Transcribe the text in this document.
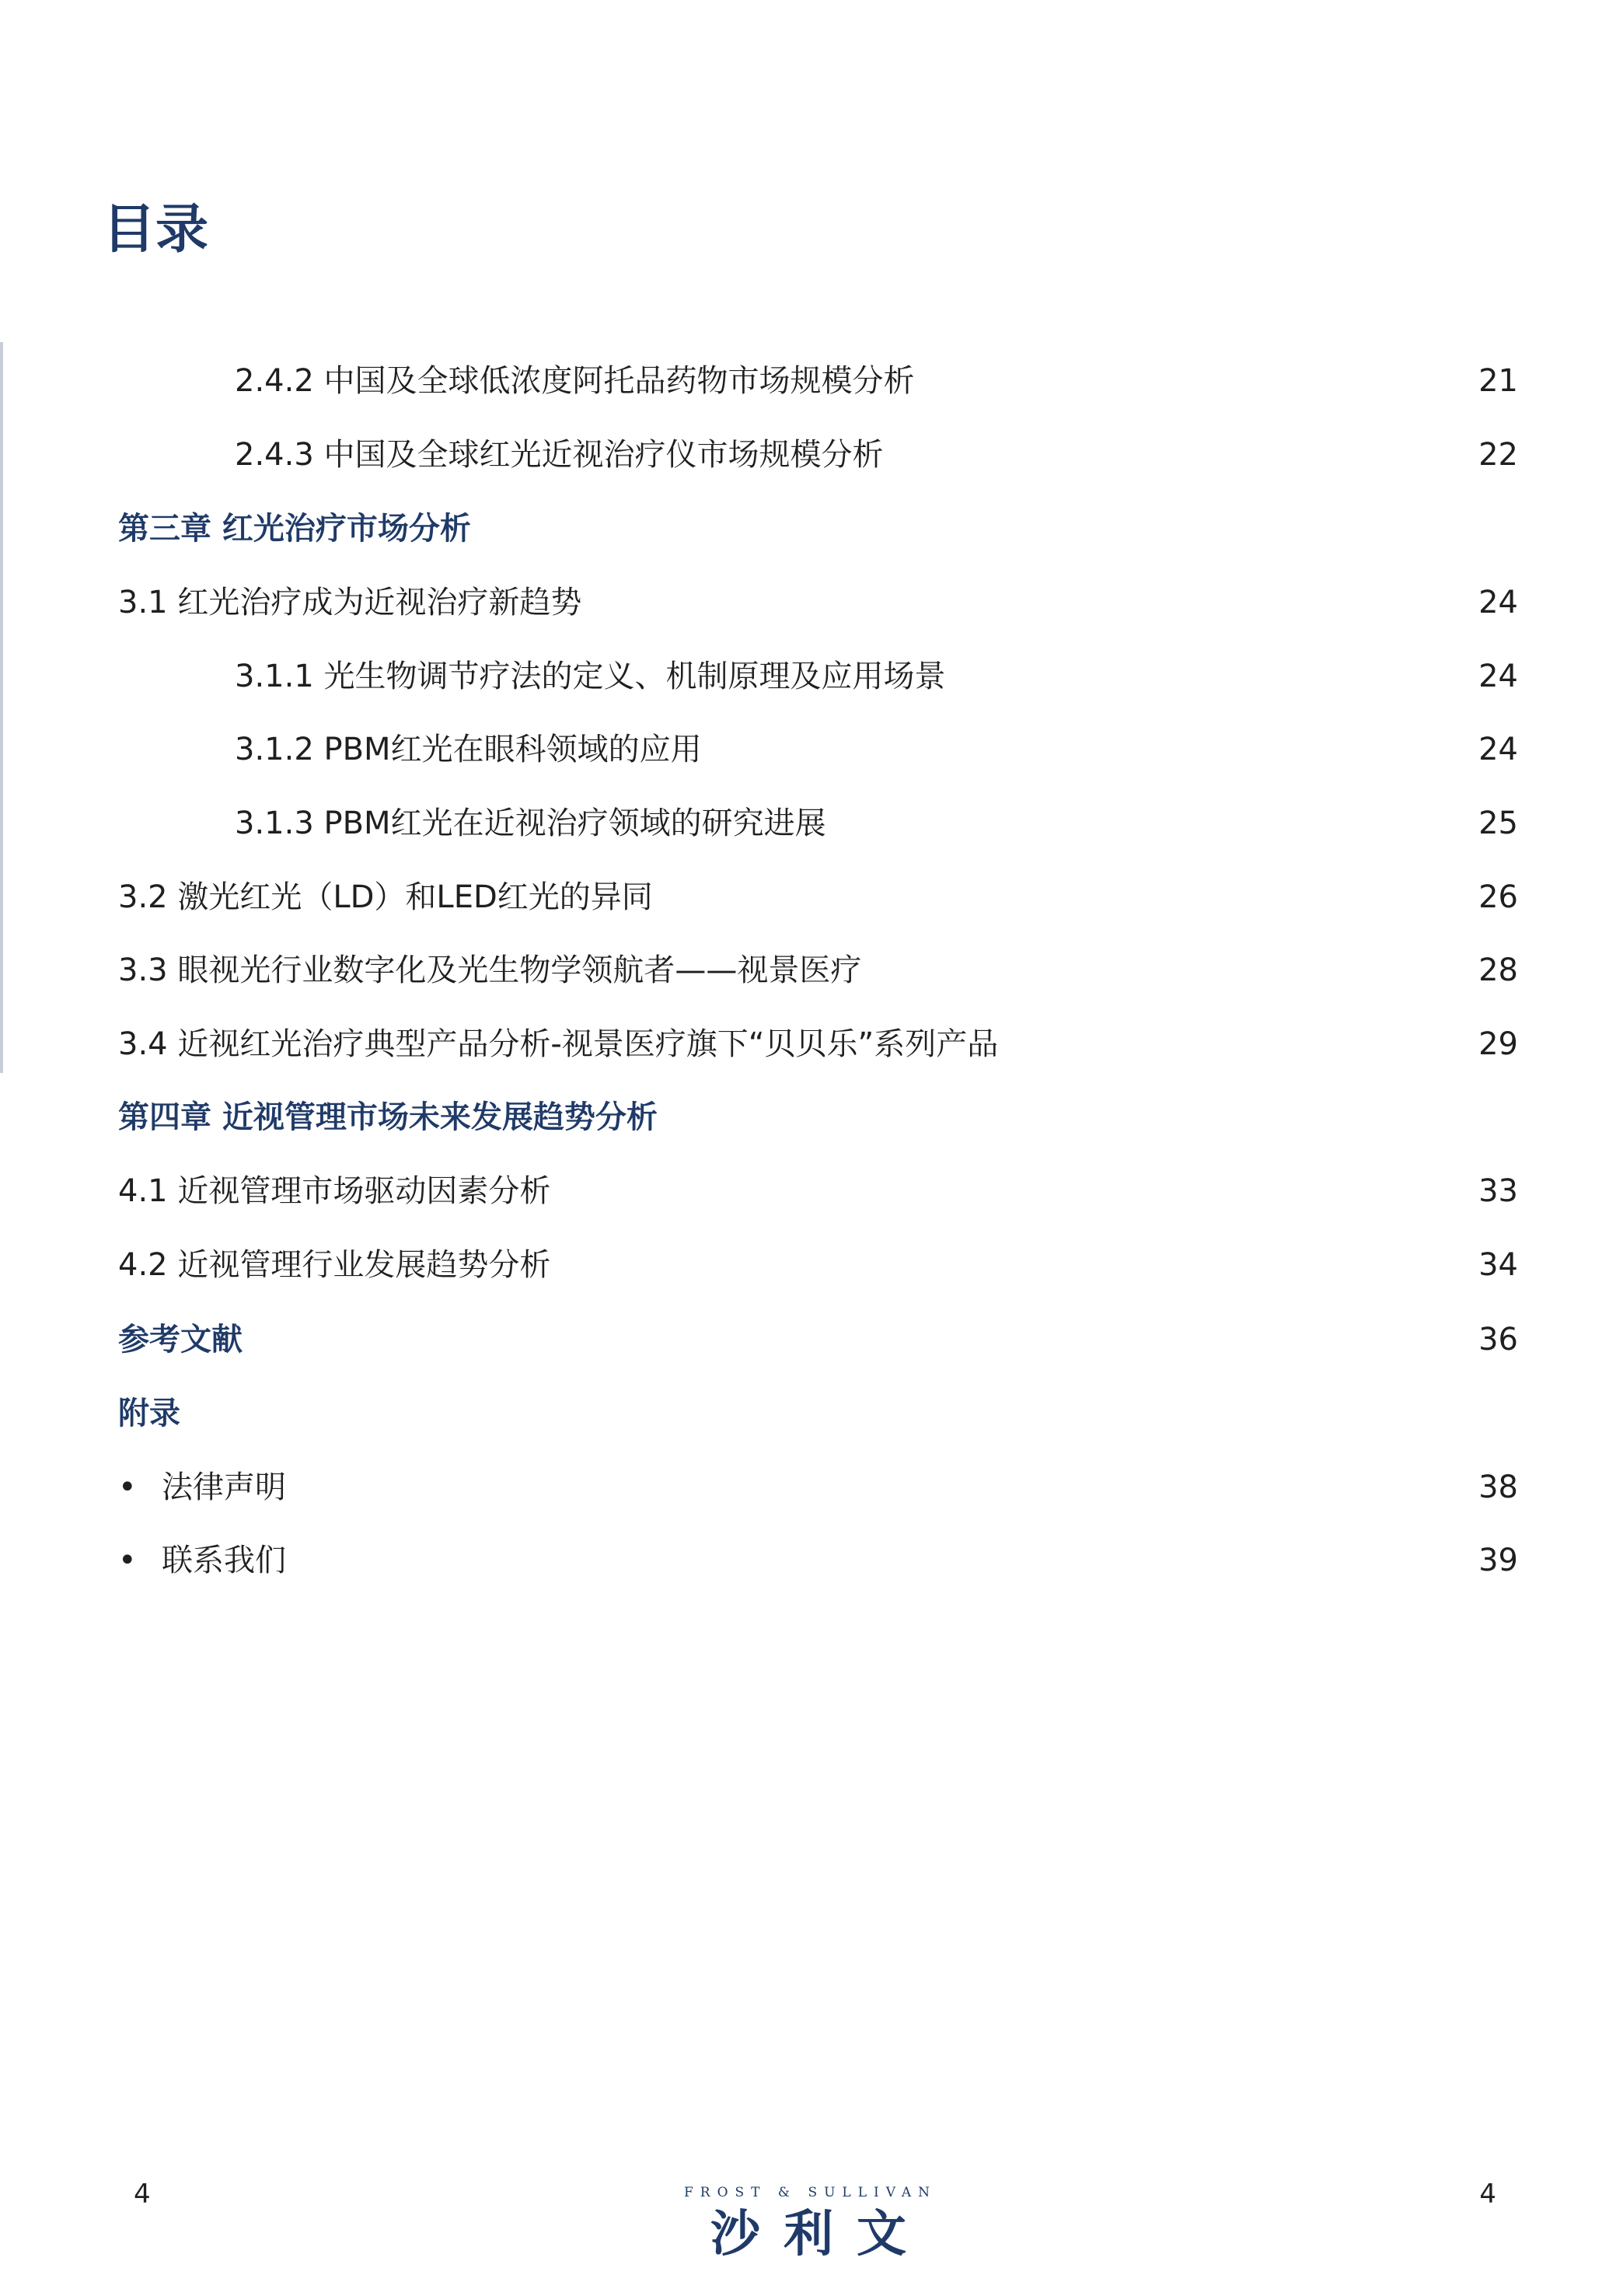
目录
2.4.2 中国及全球低浓度阿托品药物市场规模分析	21
2.4.3 中国及全球红光近视治疗仪市场规模分析	22
第三章 红光治疗市场分析
3.1 红光治疗成为近视治疗新趋势	24
3.1.1 光生物调节疗法的定义、机制原理及应用场景	24
3.1.2 PBM红光在眼科领域的应用	24
3.1.3 PBM红光在近视治疗领域的研究进展	25
3.2 激光红光（LD）和LED红光的异同	26
3.3 眼视光行业数字化及光生物学领航者——视景医疗	28
3.4 近视红光治疗典型产品分析-视景医疗旗下“贝贝乐”系列产品	29
第四章 近视管理市场未来发展趋势分析
4.1 近视管理市场驱动因素分析	33
4.2 近视管理行业发展趋势分析	34
参考文献	36
附录
• 法律声明	38
• 联系我们	39
4	4
FROST & SULLIVAN
沙利文
